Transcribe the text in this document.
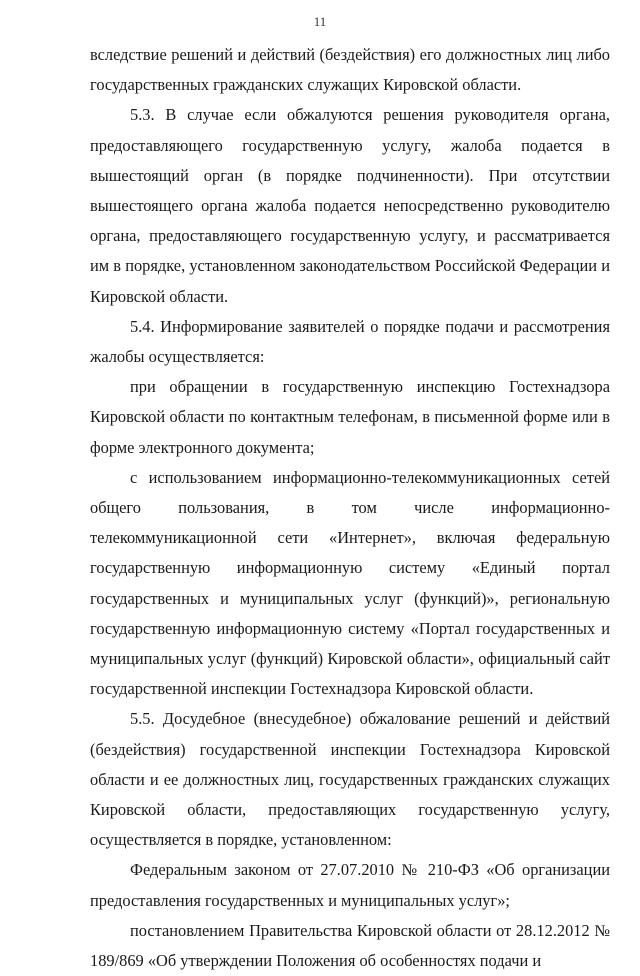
11

вследствие решений и действий (бездействия) его должностных лиц либо государственных гражданских служащих Кировской области.

5.3. В случае если обжалуются решения руководителя органа, предоставляющего государственную услугу, жалоба подается в вышестоящий орган (в порядке подчиненности). При отсутствии вышестоящего органа жалоба подается непосредственно руководителю органа, предоставляющего государственную услугу, и рассматривается им в порядке, установленном законодательством Российской Федерации и Кировской области.

5.4. Информирование заявителей о порядке подачи и рассмотрения жалобы осуществляется:

при обращении в государственную инспекцию Гостехнадзора Кировской области по контактным телефонам, в письменной форме или в форме электронного документа;

с использованием информационно-телекоммуникационных сетей общего пользования, в том числе информационно-телекоммуникационной сети «Интернет», включая федеральную государственную информационную систему «Единый портал государственных и муниципальных услуг (функций)», региональную государственную информационную систему «Портал государственных и муниципальных услуг (функций) Кировской области», официальный сайт государственной инспекции Гостехнадзора Кировской области.

5.5. Досудебное (внесудебное) обжалование решений и действий (бездействия) государственной инспекции Гостехнадзора Кировской области и ее должностных лиц, государственных гражданских служащих Кировской области, предоставляющих государственную услугу, осуществляется в порядке, установленном:

Федеральным законом от 27.07.2010 № 210-ФЗ «Об организации предоставления государственных и муниципальных услуг»;

постановлением Правительства Кировской области от 28.12.2012 № 189/869 «Об утверждении Положения об особенностях подачи и
